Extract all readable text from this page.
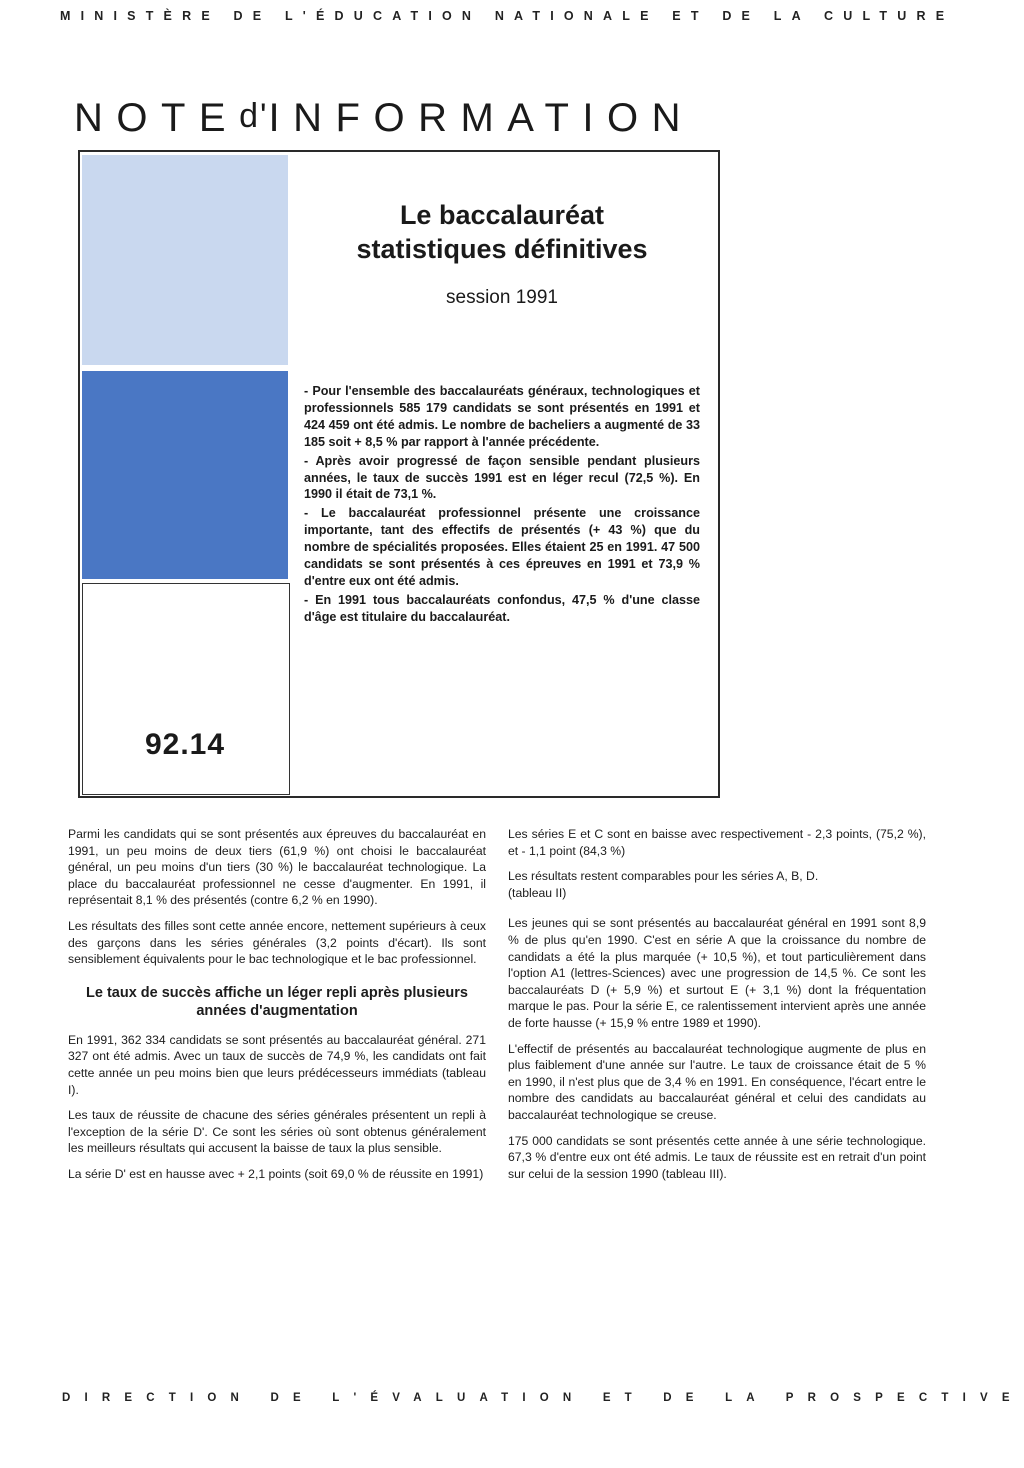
MINISTÈRE DE L'ÉDUCATION NATIONALE ET DE LA CULTURE
NOTEd'INFORMATION
92.14
Le baccalauréat
statistiques définitives
session 1991

- Pour l'ensemble des baccalauréats généraux, technologiques et professionnels 585 179 candidats se sont présentés en 1991 et 424 459 ont été admis. Le nombre de bacheliers a augmenté de 33 185 soit + 8,5 % par rapport à l'année précédente.

- Après avoir progressé de façon sensible pendant plusieurs années, le taux de succès 1991 est en léger recul (72,5 %). En 1990 il était de 73,1 %.

- Le baccalauréat professionnel présente une croissance importante, tant des effectifs de présentés (+ 43 %) que du nombre de spécialités proposées. Elles étaient 25 en 1991. 47 500 candidats se sont présentés à ces épreuves en 1991 et 73,9 % d'entre eux ont été admis.

- En 1991 tous baccalauréats confondus, 47,5 % d'une classe d'âge est titulaire du baccalauréat.

Parmi les candidats qui se sont présentés aux épreuves du baccalauréat en 1991, un peu moins de deux tiers (61,9 %) ont choisi le baccalauréat général, un peu moins d'un tiers (30 %) le baccalauréat technologique. La place du baccalauréat professionnel ne cesse d'augmenter. En 1991, il représentait 8,1 % des présentés (contre 6,2 % en 1990).

Les résultats des filles sont cette année encore, nettement supérieurs à ceux des garçons dans les séries générales (3,2 points d'écart). Ils sont sensiblement équivalents pour le bac technologique et le bac professionnel.

Le taux de succès affiche un léger repli après plusieurs années d'augmentation

En 1991, 362 334 candidats se sont présentés au baccalauréat général. 271 327 ont été admis. Avec un taux de succès de 74,9 %, les candidats ont fait cette année un peu moins bien que leurs prédécesseurs immédiats (tableau I).

Les taux de réussite de chacune des séries générales présentent un repli à l'exception de la série D'. Ce sont les séries où sont obtenus généralement les meilleurs résultats qui accusent la baisse de taux la plus sensible.

La série D' est en hausse avec + 2,1 points (soit 69,0 % de réussite en 1991)

Les séries E et C sont en baisse avec respectivement - 2,3 points, (75,2 %), et - 1,1 point (84,3 %)

Les résultats restent comparables pour les séries A, B, D.

(tableau II)

Les jeunes qui se sont présentés au baccalauréat général en 1991 sont 8,9 % de plus qu'en 1990. C'est en série A que la croissance du nombre de candidats a été la plus marquée (+ 10,5 %), et tout particulièrement dans l'option A1 (lettres-Sciences) avec une progression de 14,5 %. Ce sont les baccalauréats D (+ 5,9 %) et surtout E (+ 3,1 %) dont la fréquentation marque le pas. Pour la série E, ce ralentissement intervient après une année de forte hausse (+ 15,9 % entre 1989 et 1990).

L'effectif de présentés au baccalauréat technologique augmente de plus en plus faiblement d'une année sur l'autre. Le taux de croissance était de 5 % en 1990, il n'est plus que de 3,4 % en 1991. En conséquence, l'écart entre le nombre des candidats au baccalauréat général et celui des candidats au baccalauréat technologique se creuse.

175 000 candidats se sont présentés cette année à une série technologique. 67,3 % d'entre eux ont été admis. Le taux de réussite est en retrait d'un point sur celui de la session 1990 (tableau III).

DIRECTION DE L'ÉVALUATION ET DE LA PROSPECTIVE
